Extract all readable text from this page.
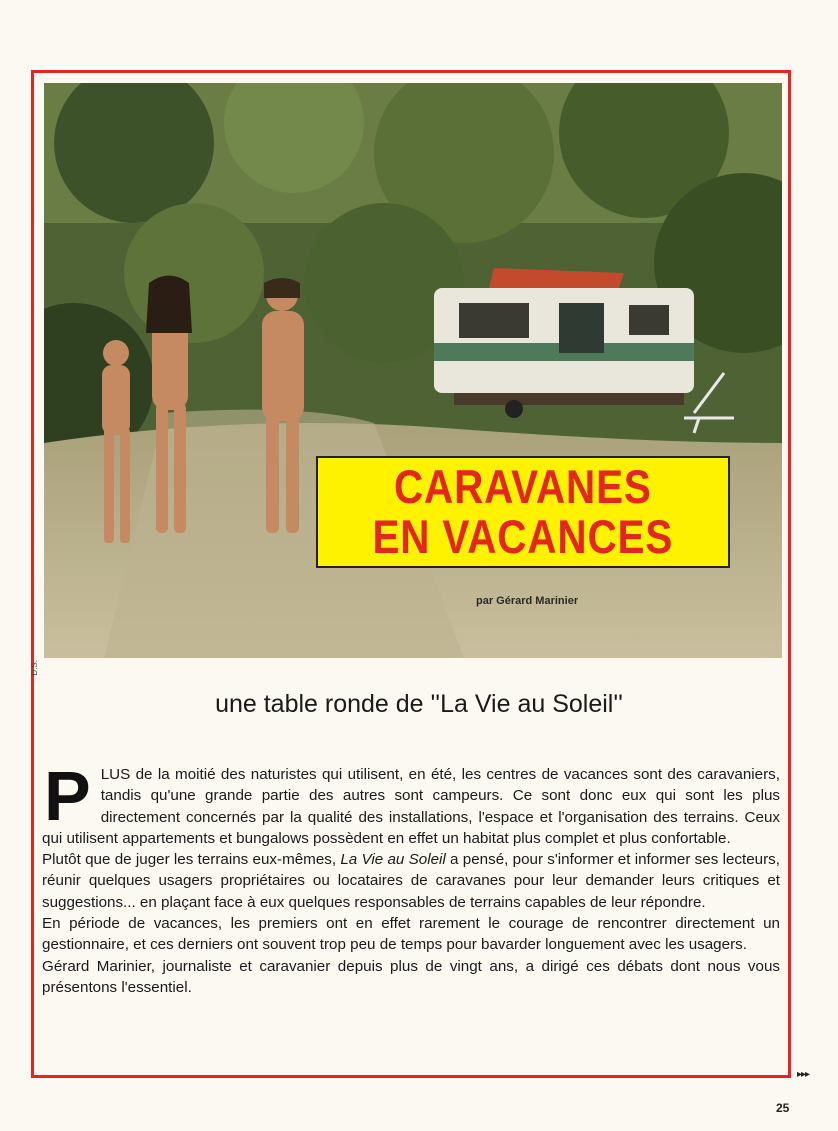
D.S.
CARAVANES
EN VACANCES
par Gérard Marinier
une table ronde de ''La Vie au Soleil''
P LUS de la moitié des naturistes qui utilisent, en été, les centres de vacances sont des caravaniers, tandis qu'une grande partie des autres sont campeurs. Ce sont donc eux qui sont les plus directement concernés par la qualité des installations, l'espace et l'organisation des terrains. Ceux qui utilisent appartements et bungalows possèdent en effet un habitat plus complet et plus confortable.

Plutôt que de juger les terrains eux-mêmes, La Vie au Soleil a pensé, pour s'informer et informer ses lecteurs, réunir quelques usagers propriétaires ou locataires de caravanes pour leur demander leurs critiques et suggestions... en plaçant face à eux quelques responsables de terrains capables de leur répondre.

En période de vacances, les premiers ont en effet rarement le courage de rencontrer directement un gestionnaire, et ces derniers ont souvent trop peu de temps pour bavarder longuement avec les usagers.

Gérard Marinier, journaliste et caravanier depuis plus de vingt ans, a dirigé ces débats dont nous vous présentons l'essentiel.

▸▸▸
25
